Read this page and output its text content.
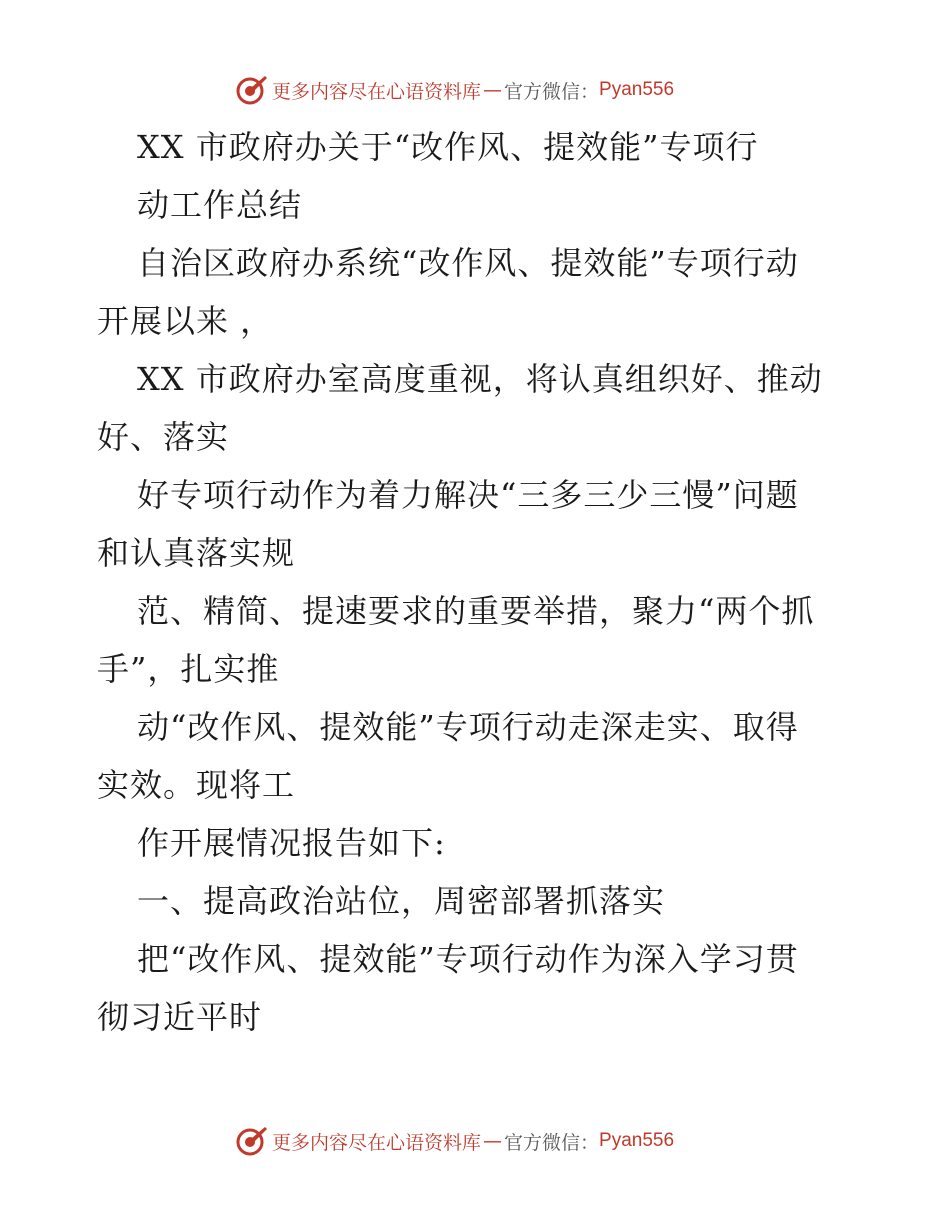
更多内容尽在心语资料库 — 官方微信： Pyan556
XX 市政府办关于“改作风、提效能”专项行
动工作总结
自治区政府办系统“改作风、提效能”专项行动
开展以来 ，
XX 市政府办室高度重视，将认真组织好、推动
好、落实
好专项行动作为着力解决“三多三少三慢”问题
和认真落实规
范、精简、提速要求的重要举措，聚力“两个抓
手”，扎实推
动“改作风、提效能”专项行动走深走实、取得
实效。现将工
作开展情况报告如下:
一、提高政治站位，周密部署抓落实
把“改作风、提效能”专项行动作为深入学习贯
彻习近平时
更多内容尽在心语资料库 — 官方微信： Pyan556
